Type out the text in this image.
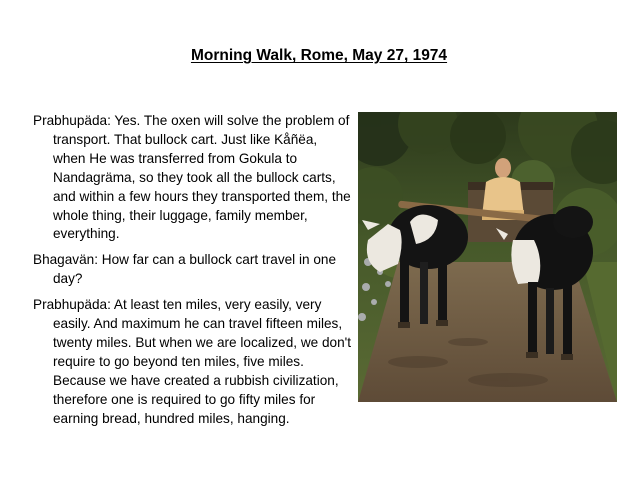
Morning Walk, Rome, May 27, 1974

Prabhupäda: Yes. The oxen will solve the problem of transport. That bullock cart. Just like Kåñëa, when He was transferred from Gokula to Nandagräma, so they took all the bullock carts, and within a few hours they transported them, the whole thing, their luggage, family member, everything.

Bhagavän: How far can a bullock cart travel in one day?

Prabhupäda: At least ten miles, very easily, very easily. And maximum he can travel fifteen miles, twenty miles. But when we are localized, we don't require to go beyond ten miles, five miles. Because we have created a rubbish civilization, therefore one is required to go fifty miles for earning bread, hundred miles, hanging.
